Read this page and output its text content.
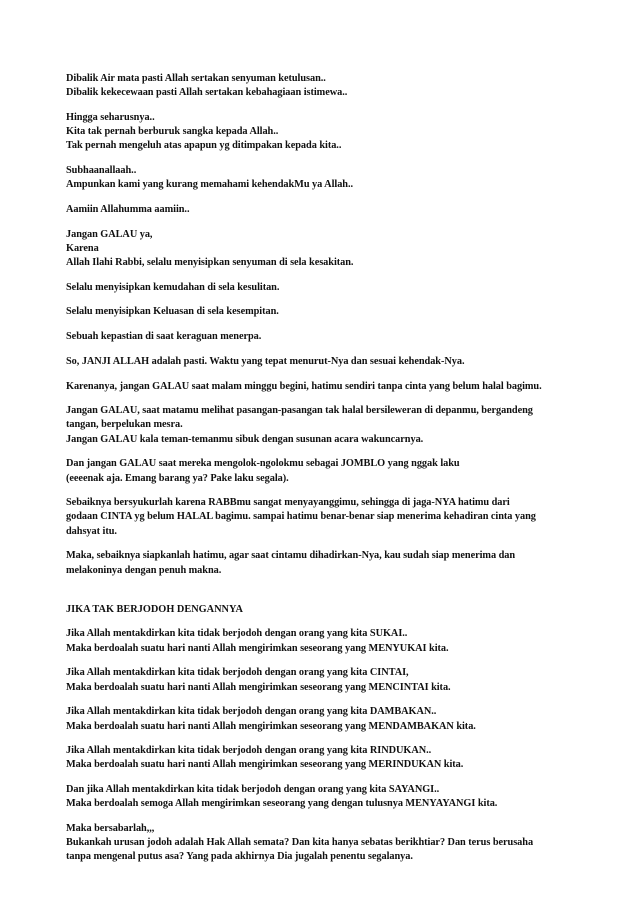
Dibalik Air mata pasti Allah sertakan senyuman ketulusan..
Dibalik kekecewaan pasti Allah sertakan kebahagiaan istimewa..
Hingga seharusnya..
Kita tak pernah berburuk sangka kepada Allah..
Tak pernah mengeluh atas apapun yg ditimpakan kepada kita..
Subhaanallaah..
Ampunkan kami yang kurang memahami kehendakMu ya Allah..
Aamiin Allahumma aamiin..
Jangan GALAU ya,
Karena
Allah Ilahi Rabbi, selalu menyisipkan senyuman di sela kesakitan.
Selalu menyisipkan kemudahan di sela kesulitan.
Selalu menyisipkan Keluasan di sela kesempitan.
Sebuah kepastian di saat keraguan menerpa.
So, JANJI ALLAH adalah pasti. Waktu yang tepat menurut-Nya dan sesuai kehendak-Nya.
Karenanya, jangan GALAU saat malam minggu begini, hatimu sendiri tanpa cinta yang belum halal bagimu.
Jangan GALAU, saat matamu melihat pasangan-pasangan tak halal bersileweran di depanmu, bergandeng
tangan, berpelukan mesra.
Jangan GALAU kala teman-temanmu sibuk dengan susunan acara wakuncarnya.
Dan jangan GALAU saat mereka mengolok-ngolokmu sebagai JOMBLO yang nggak laku
(eeeenak aja. Emang barang ya? Pake laku segala).
Sebaiknya bersyukurlah karena RABBmu sangat menyayanggimu, sehingga di jaga-NYA hatimu dari
godaan CINTA yg belum HALAL bagimu. sampai hatimu benar-benar siap menerima kehadiran cinta yang
dahsyat itu.
Maka, sebaiknya siapkanlah hatimu, agar saat cintamu dihadirkan-Nya, kau sudah siap menerima dan
melakoninya dengan penuh makna.
JIKA TAK BERJODOH DENGANNYA
Jika Allah mentakdirkan kita tidak berjodoh dengan orang yang kita SUKAI..
Maka berdoalah suatu hari nanti Allah mengirimkan seseorang yang MENYUKAI kita.
Jika Allah mentakdirkan kita tidak berjodoh dengan orang yang kita CINTAI,
Maka berdoalah suatu hari nanti Allah mengirimkan seseorang yang MENCINTAI kita.
Jika Allah mentakdirkan kita tidak berjodoh dengan orang yang kita DAMBAKAN..
Maka berdoalah suatu hari nanti Allah mengirimkan seseorang yang MENDAMBAKAN kita.
Jika Allah mentakdirkan kita tidak berjodoh dengan orang yang kita RINDUKAN..
Maka berdoalah suatu hari nanti Allah mengirimkan seseorang yang MERINDUKAN kita.
Dan jika Allah mentakdirkan kita tidak berjodoh dengan orang yang kita SAYANGI..
Maka berdoalah semoga Allah mengirimkan seseorang yang dengan tulusnya MENYAYANGI kita.
Maka bersabarlah,,,
Bukankah urusan jodoh adalah Hak Allah semata? Dan kita hanya sebatas berikhtiar? Dan terus berusaha
tanpa mengenal putus asa? Yang pada akhirnya Dia jugalah penentu segalanya.
